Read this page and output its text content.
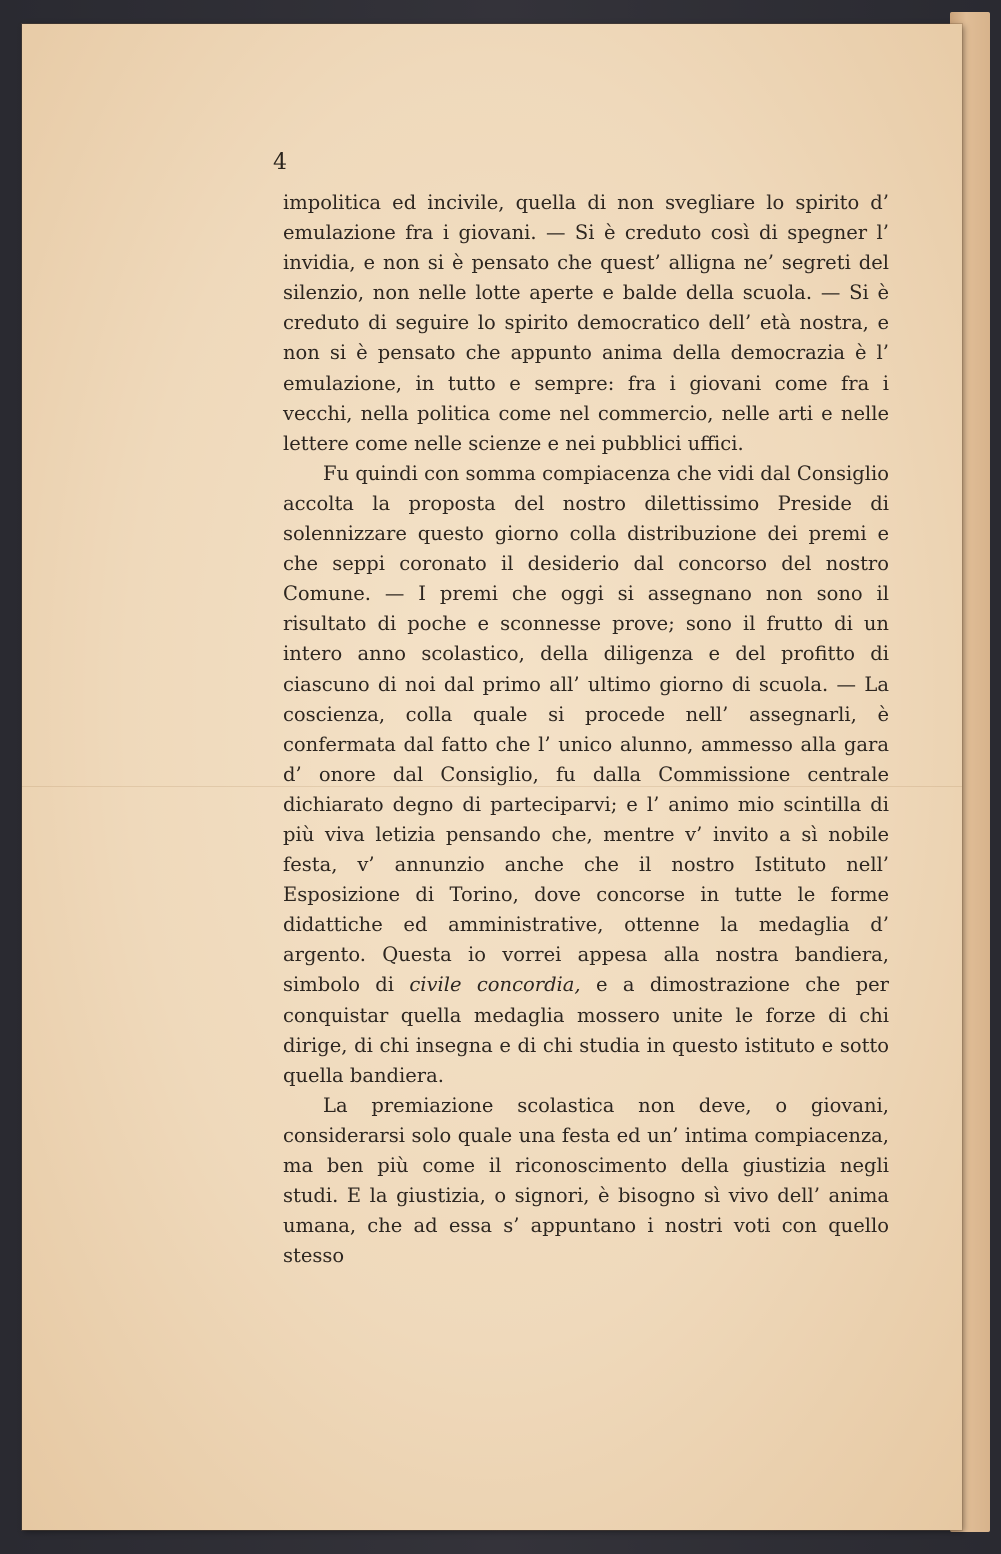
4

impolitica ed incivile, quella di non svegliare lo spirito d’ emulazione fra i giovani. — Si è creduto così di spegner l’ invidia, e non si è pensato che quest’ alligna ne’ segreti del silenzio, non nelle lotte aperte e balde della scuola. — Si è creduto di seguire lo spirito democratico dell’ età nostra, e non si è pensato che appunto anima della democrazia è l’ emulazione, in tutto e sempre: fra i giovani come fra i vecchi, nella politica come nel commercio, nelle arti e nelle lettere come nelle scienze e nei pubblici uffici.

Fu quindi con somma compiacenza che vidi dal Consiglio accolta la proposta del nostro dilettissimo Preside di solennizzare questo giorno colla distribuzione dei premi e che seppi coronato il desiderio dal concorso del nostro Comune. — I premi che oggi si assegnano non sono il risultato di poche e sconnesse prove; sono il frutto di un intero anno scolastico, della diligenza e del profitto di ciascuno di noi dal primo all’ ultimo giorno di scuola. — La coscienza, colla quale si procede nell’ assegnarli, è confermata dal fatto che l’ unico alunno, ammesso alla gara d’ onore dal Consiglio, fu dalla Commissione centrale dichiarato degno di parteciparvi; e l’ animo mio scintilla di più viva letizia pensando che, mentre v’ invito a sì nobile festa, v’ annunzio anche che il nostro Istituto nell’ Esposizione di Torino, dove concorse in tutte le forme didattiche ed amministrative, ottenne la medaglia d’ argento. Questa io vorrei appesa alla nostra bandiera, simbolo di civile concordia, e a dimostrazione che per conquistar quella medaglia mossero unite le forze di chi dirige, di chi insegna e di chi studia in questo istituto e sotto quella bandiera.

La premiazione scolastica non deve, o giovani, considerarsi solo quale una festa ed un’ intima compiacenza, ma ben più come il riconoscimento della giustizia negli studi. E la giustizia, o signori, è bisogno sì vivo dell’ anima umana, che ad essa s’ appuntano i nostri voti con quello stesso
